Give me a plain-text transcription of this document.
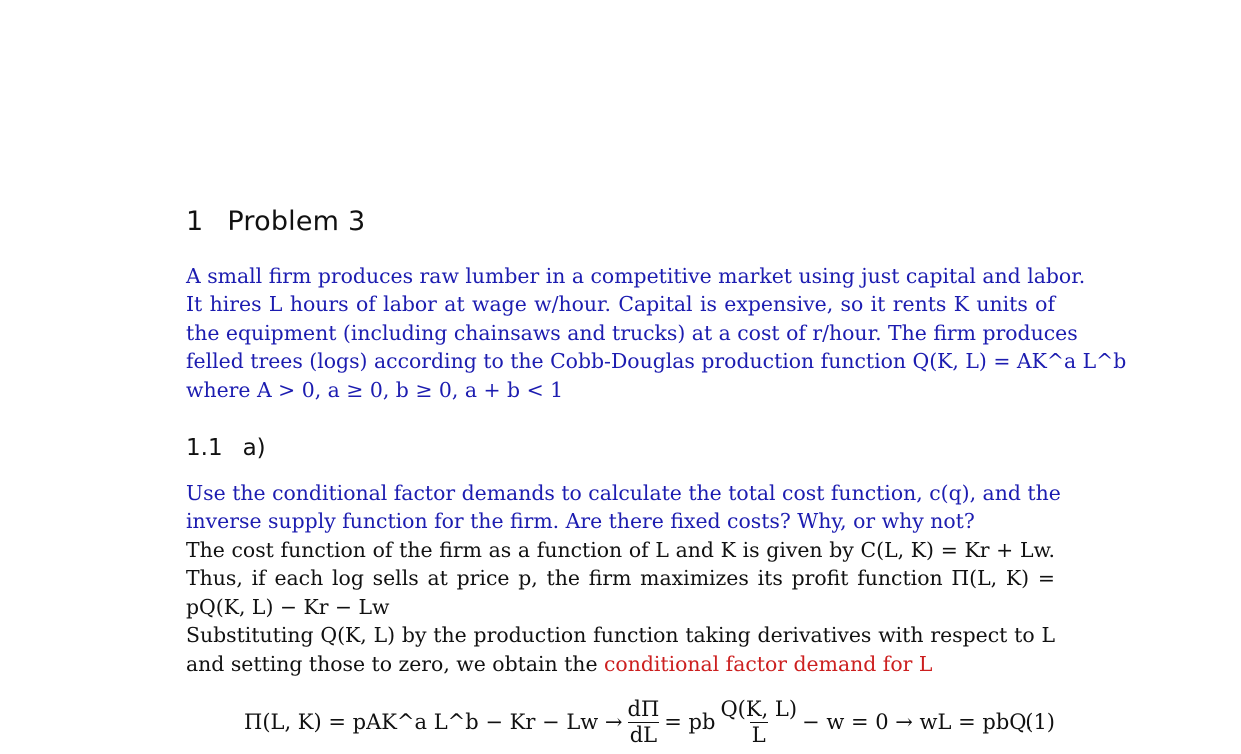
1 Problem 3
A small firm produces raw lumber in a competitive market using just capital and labor.
It hires L hours of labor at wage w/hour. Capital is expensive, so it rents K units of
the equipment (including chainsaws and trucks) at a cost of r/hour. The firm produces
felled trees (logs) according to the Cobb-Douglas production function Q(K, L) = AK^a L^b
where A > 0, a ≥ 0, b ≥ 0, a + b < 1
1.1 a)
Use the conditional factor demands to calculate the total cost function, c(q), and the
inverse supply function for the firm. Are there fixed costs? Why, or why not?
The cost function of the firm as a function of L and K is given by C(L, K) = Kr + Lw.
Thus, if each log sells at price p, the firm maximizes its profit function Π(L, K) =
pQ(K, L) − Kr − Lw
Substituting Q(K, L) by the production function taking derivatives with respect to L
and setting those to zero, we obtain the conditional factor demand for L
Π(L, K) = pAK^a L^b − $Kr - Lw \to \frac{d\Pi}{dL}$ = pb $\frac{Q(K, L)}{L} - w = 0$ → wL = pbQ.
(1)
